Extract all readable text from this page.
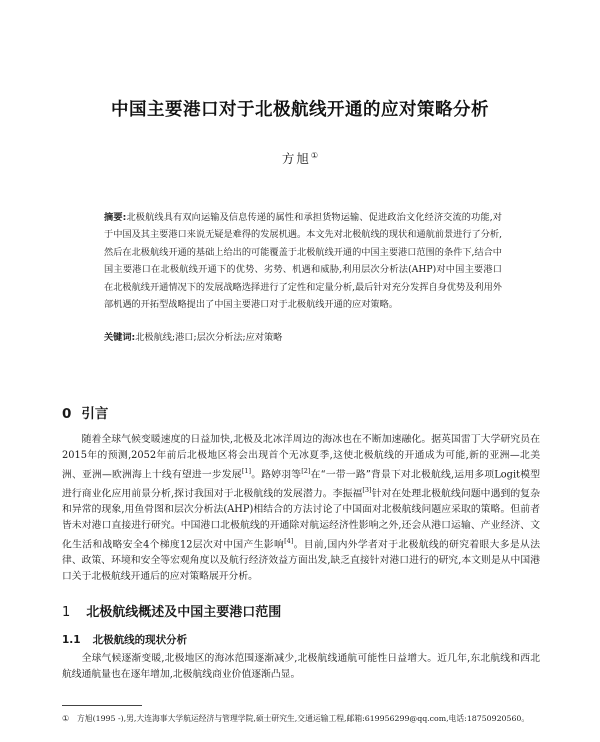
中国主要港口对于北极航线开通的应对策略分析
方旭①
摘要:北极航线具有双向运输及信息传递的属性和承担货物运输、促进政治文化经济交流的功能,对于中国及其主要港口来说无疑是难得的发展机遇。本文先对北极航线的现状和通航前景进行了分析,然后在北极航线开通的基础上给出的可能覆盖于北极航线开通的中国主要港口范围的条件下,结合中国主要港口在北极航线开通下的优势、劣势、机遇和威胁,利用层次分析法(AHP)对中国主要港口在北极航线开通情况下的发展战略选择进行了定性和定量分析,最后针对充分发挥自身优势及利用外部机遇的开拓型战略提出了中国主要港口对于北极航线开通的应对策略。
关键词:北极航线;港口;层次分析法;应对策略
0 引言
随着全球气候变暖速度的日益加快,北极及北冰洋周边的海冰也在不断加速融化。据英国雷丁大学研究员在2015年的预测,2052年前后北极地区将会出现首个无冰夏季,这使北极航线的开通成为可能,新的亚洲—北美洲、亚洲—欧洲海上十线有望进一步发展[1]。路婷羽等[2]在“一带一路”背景下对北极航线,运用多项Logit模型进行商业化应用前景分析,探讨我国对于北极航线的发展潜力。李振福[3]针对在处理北极航线问题中遇到的复杂和异常的现象,用鱼骨图和层次分析法(AHP)相结合的方法讨论了中国面对北极航线问题应采取的策略。但前者皆未对港口直接进行研究。中国港口北极航线的开通除对航运经济性影响之外,还会从港口运输、产业经济、文化生活和战略安全4个梯度12层次对中国产生影响[4]。目前,国内外学者对于北极航线的研究着眼大多是从法律、政策、环境和安全等宏观角度以及航行经济效益方面出发,缺乏直接针对港口进行的研究,本文则是从中国港口关于北极航线开通后的应对策略展开分析。
1 北极航线概述及中国主要港口范围
1.1 北极航线的现状分析
全球气候逐渐变暖,北极地区的海冰范围逐渐减少,北极航线通航可能性日益增大。近几年,东北航线和西北航线通航量也在逐年增加,北极航线商业价值逐渐凸显。
① 方旭(1995 -),男,大连海事大学航运经济与管理学院,硕士研究生,交通运输工程,邮箱:619956299@qq.com,电话:18750920560。
